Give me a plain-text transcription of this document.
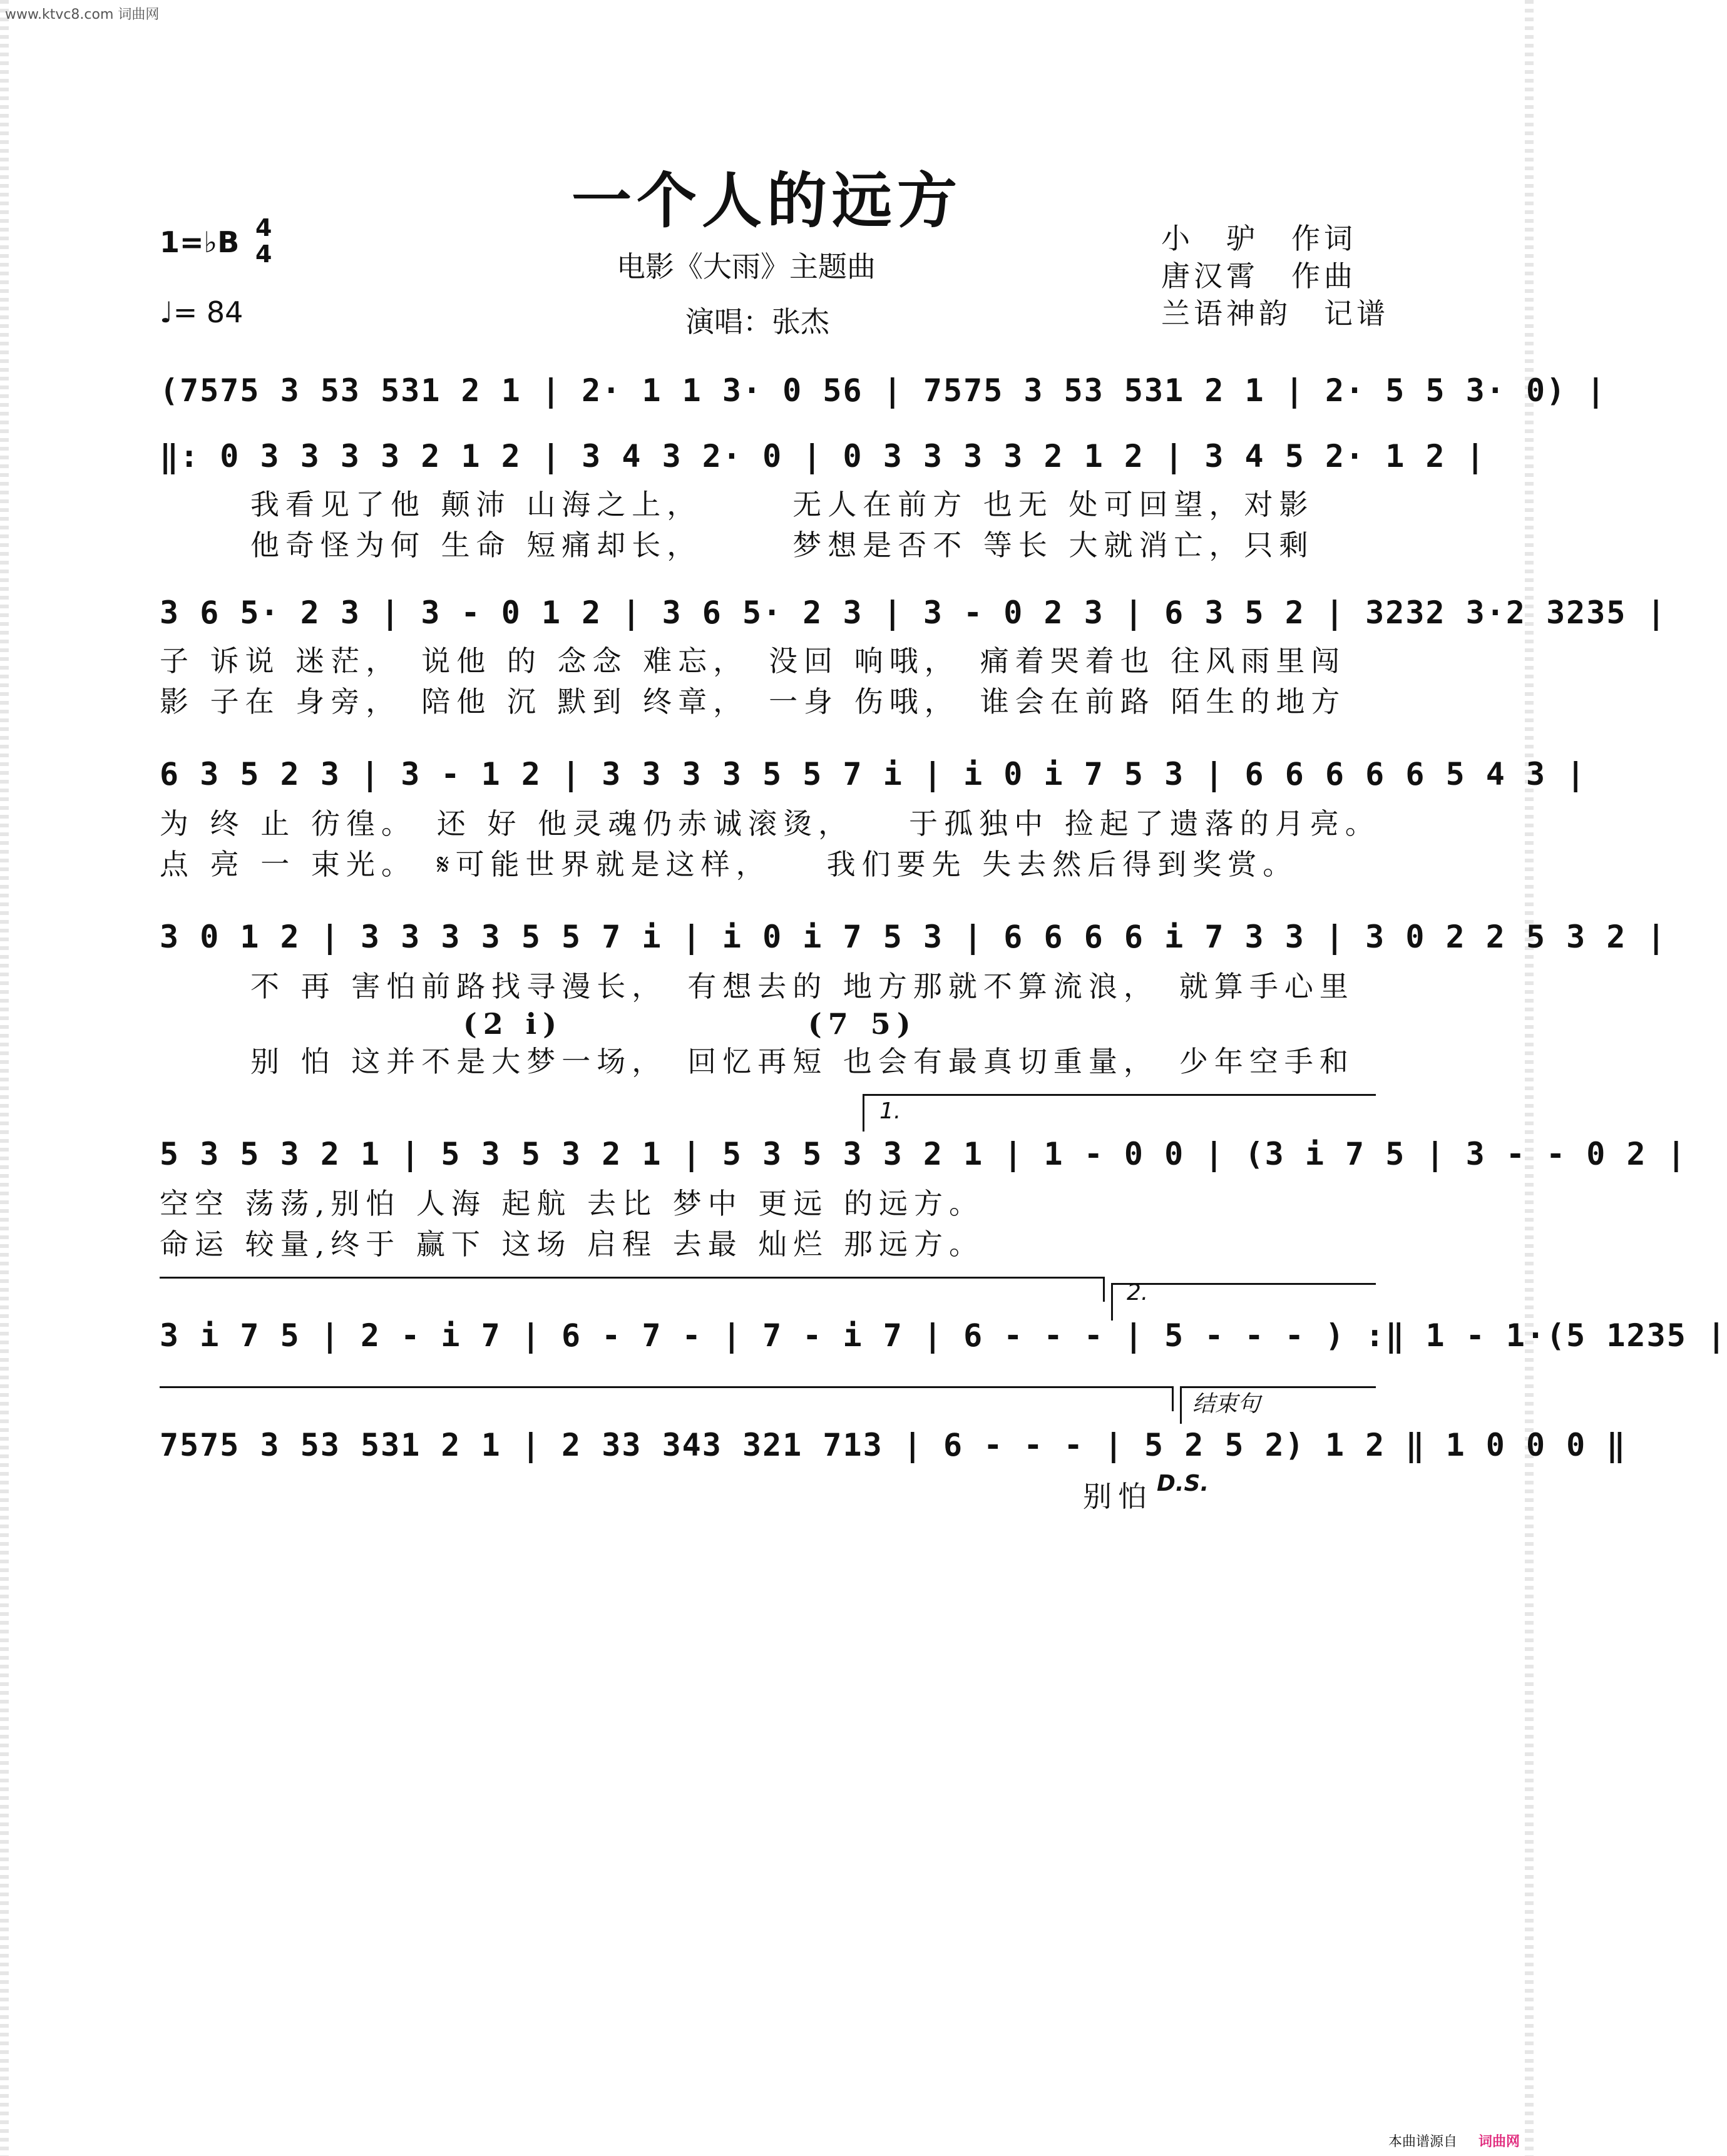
www.ktvc8.com 词曲网
一个人的远方
电影《大雨》主题曲
演唱：张杰
1=♭B 4
4
♩= 84
小　驴　作词
唐汉霄　作曲
兰语神韵　记谱
(7575 3 53 531 2 1 | 2· 1 1 3· 0 56 | 7575 3 53 531 2 1 | 2· 5 5 3· 0) |
‖: 0 3 3 3 3 2 1 2 | 3 4 3 2· 0 | 0 3 3 3 3 2 1 2 | 3 4 5 2· 1 2 |
我看见了他 颠沛 山海之上，　　　无人在前方 也无 处可回望，对影
他奇怪为何 生命 短痛却长，　　　梦想是否不 等长 大就消亡，只剩
3 6 5· 2 3 | 3 - 0 1 2 | 3 6 5· 2 3 | 3 - 0 2 3 | 6 3 5 2 | 3232 3·2 3235 |
子 诉说 迷茫，　说他 的 念念 难忘，　没回 响哦，　痛着哭着也 往风雨里闯
影 子在 身旁，　陪他 沉 默到 终章，　一身 伤哦，　谁会在前路 陌生的地方
6 3 5 2 3 | 3 - 1 2 | 3 3 3 3 5 5 7 i | i 0 i 7 5 3 | 6 6 6 6 6 5 4 3 |
为 终 止 彷徨。　还 好 他灵魂仍赤诚滚烫，　　于孤独中 捡起了遗落的月亮。
点 亮 一 束光。　𝄋可能世界就是这样，　　我们要先 失去然后得到奖赏。
3 0 1 2 | 3 3 3 3 5 5 7 i | i 0 i 7 5 3 | 6 6 6 6 i 7 3 3 | 3 0 2 2 5 3 2 |
不 再 害怕前路找寻漫长，　有想去的 地方那就不算流浪，　就算手心里
(2 i)　　　　　　　(7 5)
别 怕 这并不是大梦一场，　回忆再短 也会有最真切重量，　少年空手和
1.
5 3 5 3 2 1 | 5 3 5 3 2 1 | 5 3 5 3 3 2 1 | 1 - 0 0 | (3 i 7 5 | 3 - - 0 2 |
空空 荡荡,别怕 人海 起航 去比 梦中 更远 的远方。
命运 较量,终于 赢下 这场 启程 去最 灿烂 那远方。
2.
3 i 7 5 | 2 - i 7 | 6 - 7 - | 7 - i 7 | 6 - - - | 5 - - - ) :‖ 1 - 1·(5 1235 |
结束句
7575 3 53 531 2 1 | 2 33 343 321 713 | 6 - - - | 5 2 5 2) 1 2 ‖ 1 0 0 0 ‖
别怕 D.S.
本曲谱源自 词曲网
